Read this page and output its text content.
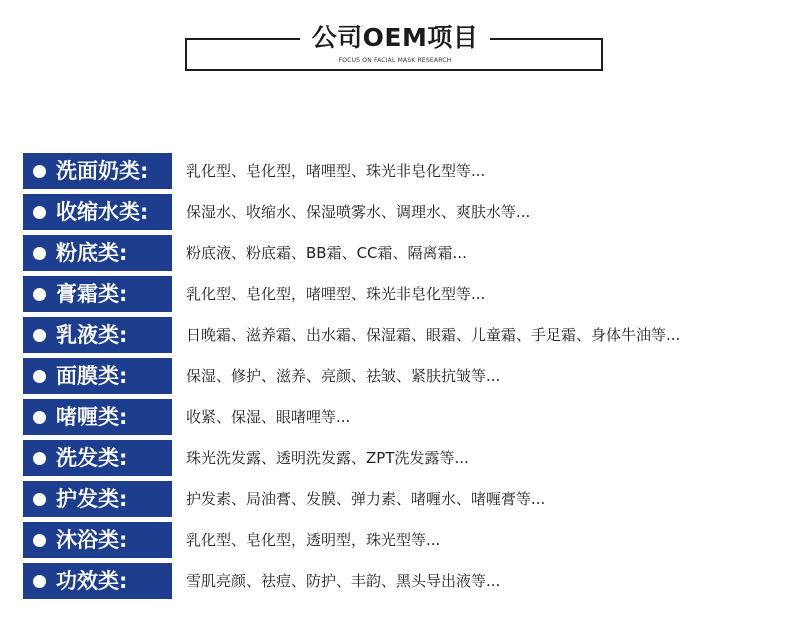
公司OEM项目
FOCUS ON FACIAL MASK RESEARCH
洗面奶类:	乳化型、皂化型，啫哩型、珠光非皂化型等...
收缩水类:	保湿水、收缩水、保湿喷雾水、调理水、爽肤水等...
粉底类:	粉底液、粉底霜、BB霜、CC霜、隔离霜...
膏霜类:	乳化型、皂化型，啫哩型、珠光非皂化型等...
乳液类:	日晚霜、滋养霜、出水霜、保湿霜、眼霜、儿童霜、手足霜、身体牛油等...
面膜类:	保湿、修护、滋养、亮颜、祛皱、紧肤抗皱等...
啫喱类:	收紧、保湿、眼啫哩等...
洗发类:	珠光洗发露、透明洗发露、ZPT洗发露等...
护发类:	护发素、局油膏、发膜、弹力素、啫喱水、啫喱膏等...
沐浴类:	乳化型、皂化型，透明型，珠光型等...
功效类:	雪肌亮颜、祛痘、防护、丰韵、黑头导出液等...
